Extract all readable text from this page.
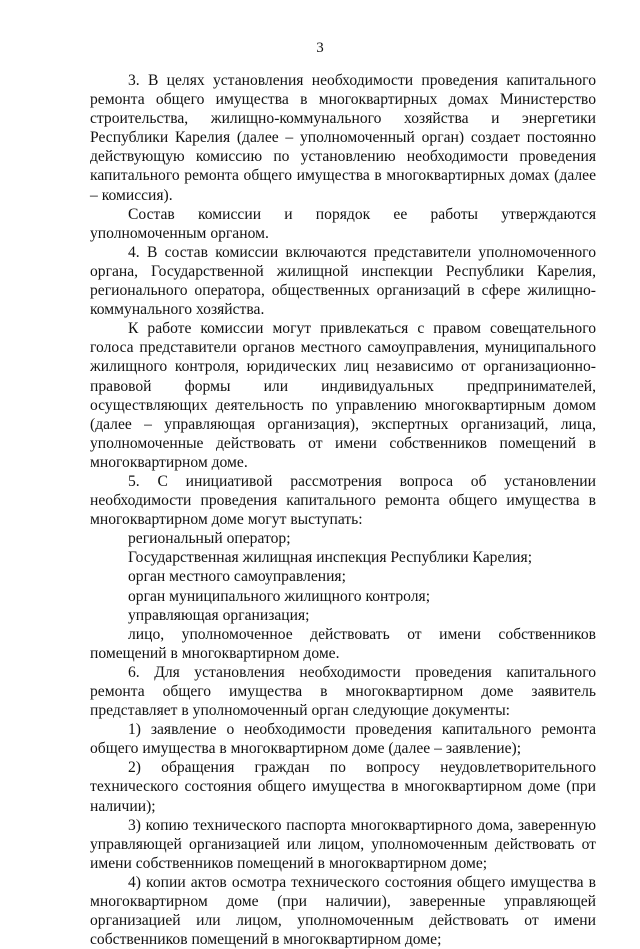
3

3. В целях установления необходимости проведения капитального ремонта общего имущества в многоквартирных домах Министерство строительства, жилищно-коммунального хозяйства и энергетики Республики Карелия (далее – уполномоченный орган) создает постоянно действующую комиссию по установлению необходимости проведения капитального ремонта общего имущества в многоквартирных домах (далее – комиссия).

Состав комиссии и порядок ее работы утверждаются уполномоченным органом.

4. В состав комиссии включаются представители уполномоченного органа, Государственной жилищной инспекции Республики Карелия, регионального оператора, общественных организаций в сфере жилищно-коммунального хозяйства.

К работе комиссии могут привлекаться с правом совещательного голоса представители органов местного самоуправления, муниципального жилищного контроля, юридических лиц независимо от организационно-правовой формы или индивидуальных предпринимателей, осуществляющих деятельность по управлению многоквартирным домом (далее – управляющая организация), экспертных организаций, лица, уполномоченные действовать от имени собственников помещений в многоквартирном доме.

5. С инициативой рассмотрения вопроса об установлении необходимости проведения капитального ремонта общего имущества в многоквартирном доме могут выступать:

региональный оператор;

Государственная жилищная инспекция Республики Карелия;

орган местного самоуправления;

орган муниципального жилищного контроля;

управляющая организация;

лицо, уполномоченное действовать от имени собственников помещений в многоквартирном доме.

6. Для установления необходимости проведения капитального ремонта общего имущества в многоквартирном доме заявитель представляет в уполномоченный орган следующие документы:

1) заявление о необходимости проведения капитального ремонта общего имущества в многоквартирном доме (далее – заявление);

2) обращения граждан по вопросу неудовлетворительного технического состояния общего имущества в многоквартирном доме (при наличии);

3) копию технического паспорта многоквартирного дома, заверенную управляющей организацией или лицом, уполномоченным действовать от имени собственников помещений в многоквартирном доме;

4) копии актов осмотра технического состояния общего имущества в многоквартирном доме (при наличии), заверенные управляющей организацией или лицом, уполномоченным действовать от имени собственников помещений в многоквартирном доме;
